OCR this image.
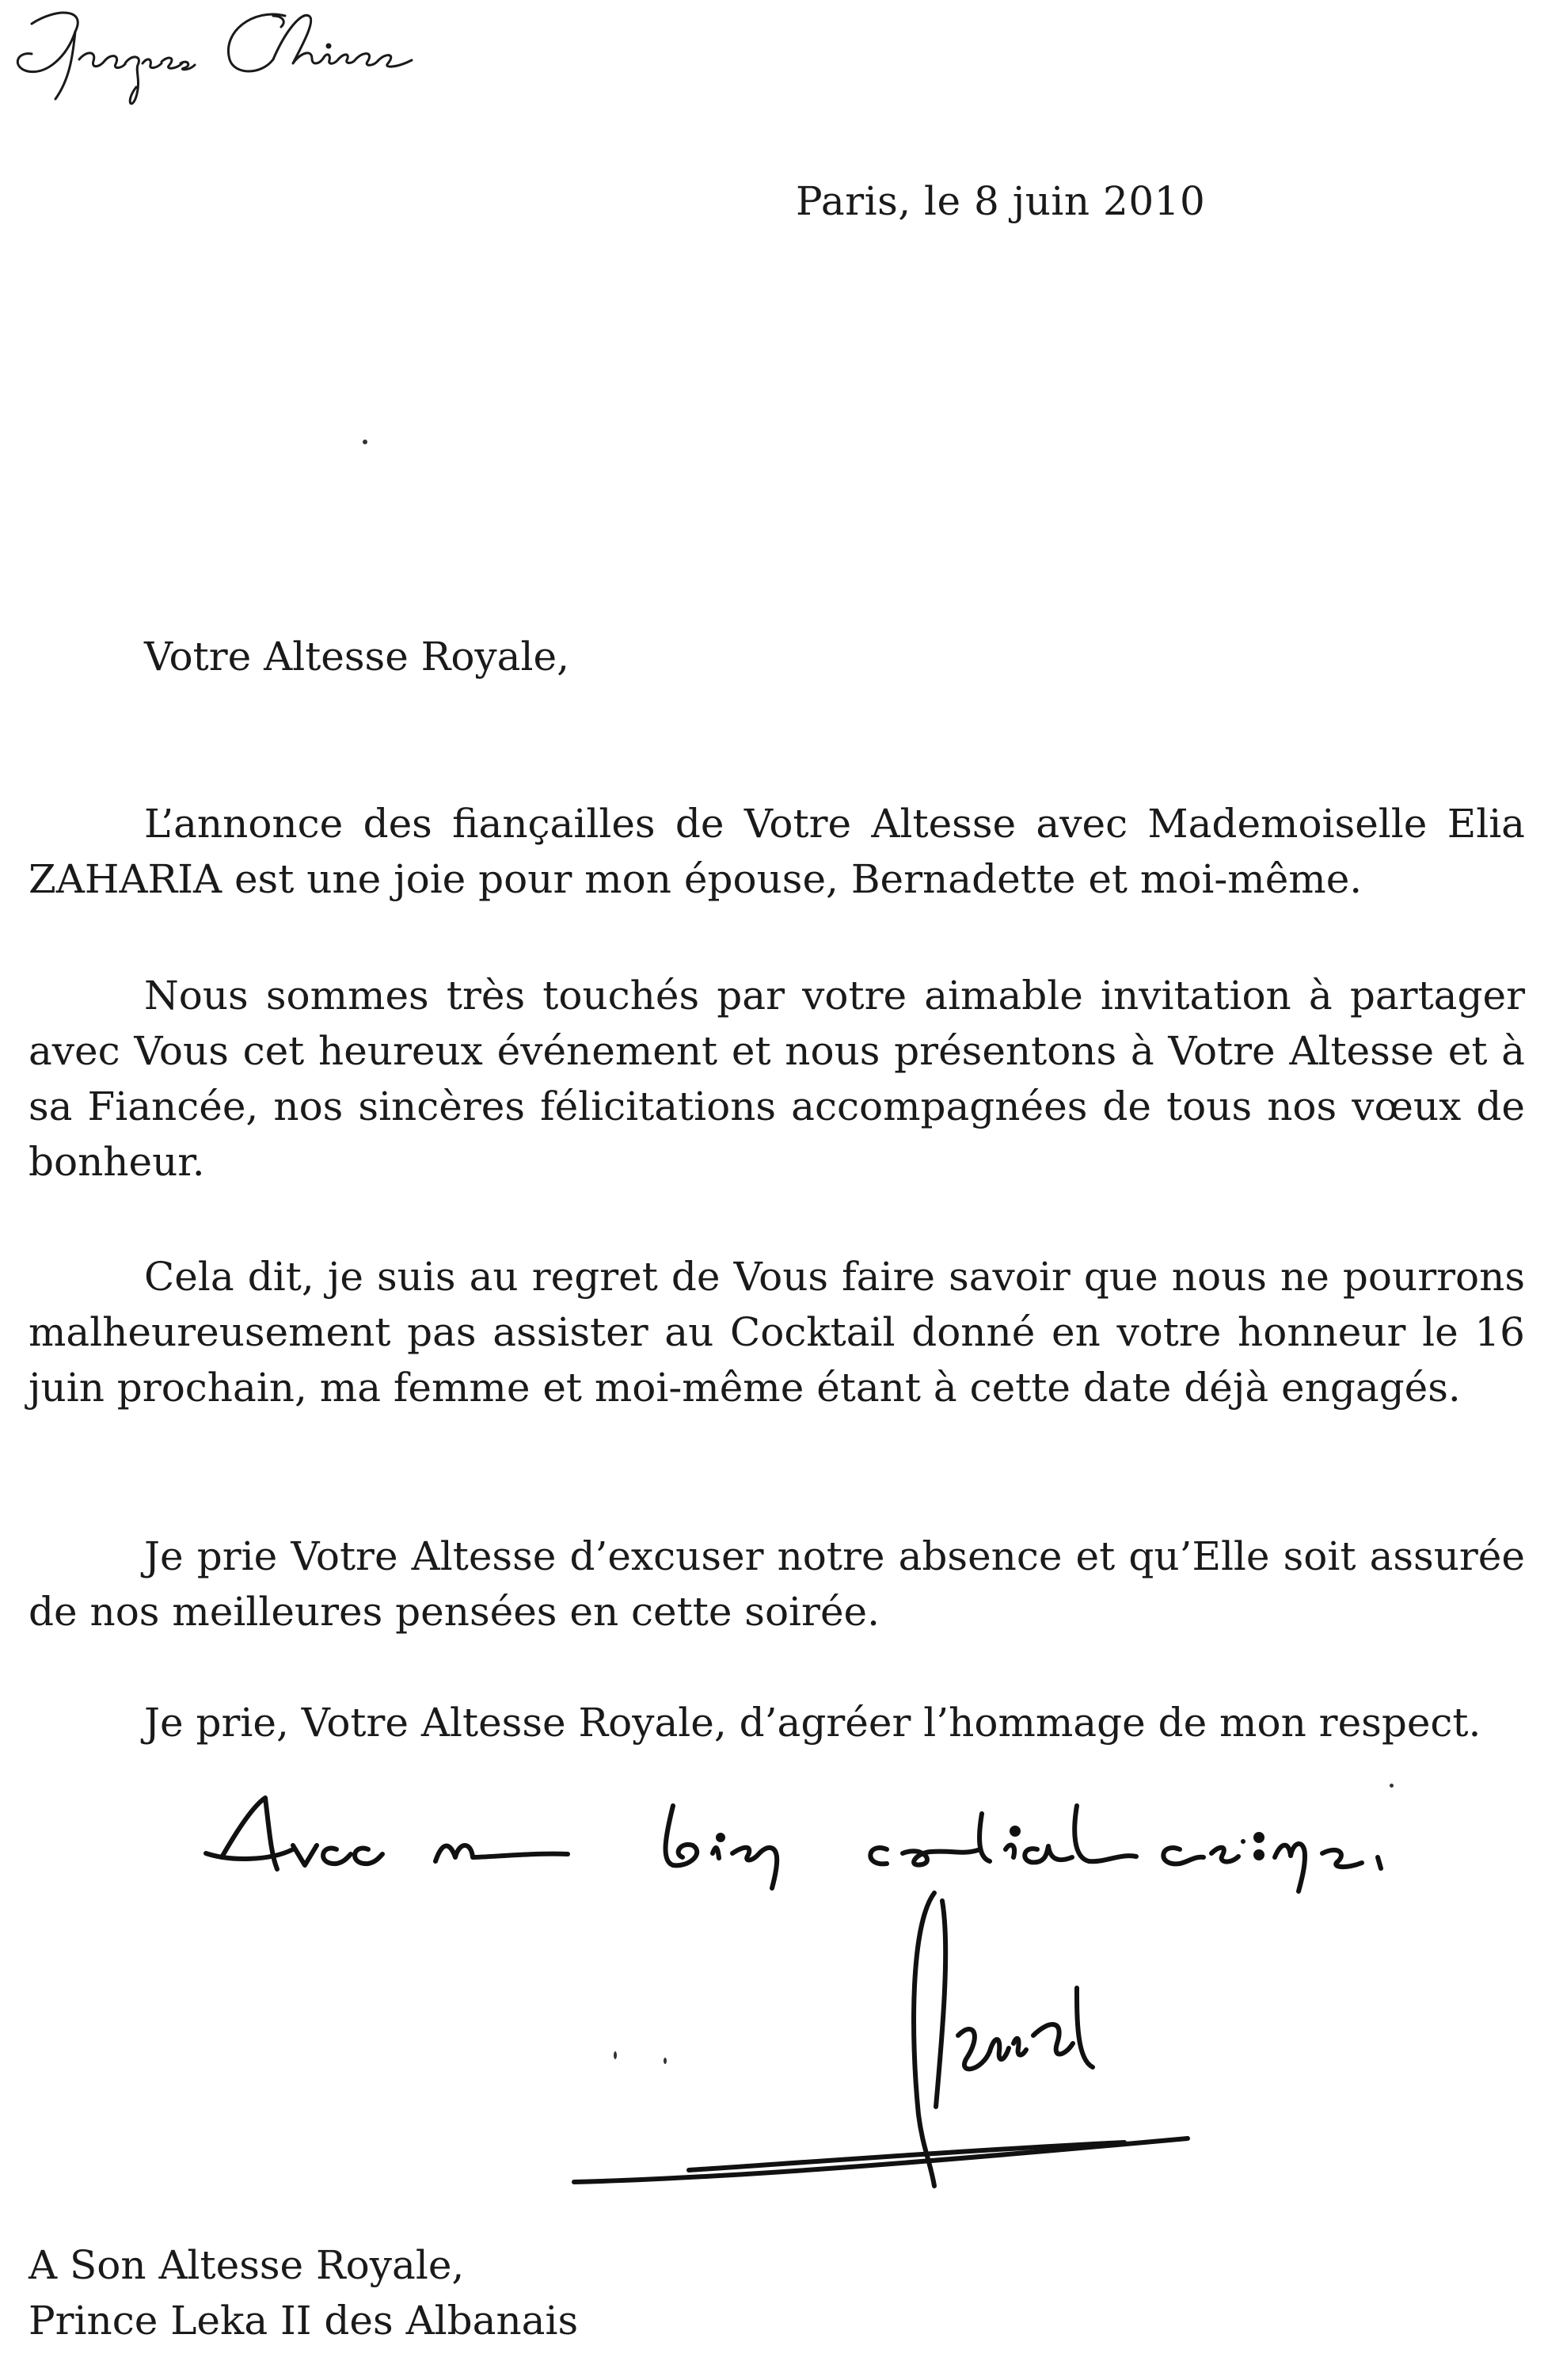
Paris, le 8 juin 2010
Votre Altesse Royale,

L’annonce des fiançailles de Votre Altesse avec Mademoiselle Elia ZAHARIA est une joie pour mon épouse, Bernadette et moi-même.

Nous sommes très touchés par votre aimable invitation à partager avec Vous cet heureux événement et nous présentons à Votre Altesse et à sa Fiancée, nos sincères félicitations accompagnées de tous nos vœux de bonheur.

Cela dit, je suis au regret de Vous faire savoir que nous ne pourrons malheureusement pas assister au Cocktail donné en votre honneur le 16 juin prochain, ma femme et moi-même étant à cette date déjà engagés.

Je prie Votre Altesse d’excuser notre absence et qu’Elle soit assurée de nos meilleures pensées en cette soirée.

Je prie, Votre Altesse Royale, d’agréer l’hommage de mon respect.

A Son Altesse Royale,
Prince Leka II des Albanais
